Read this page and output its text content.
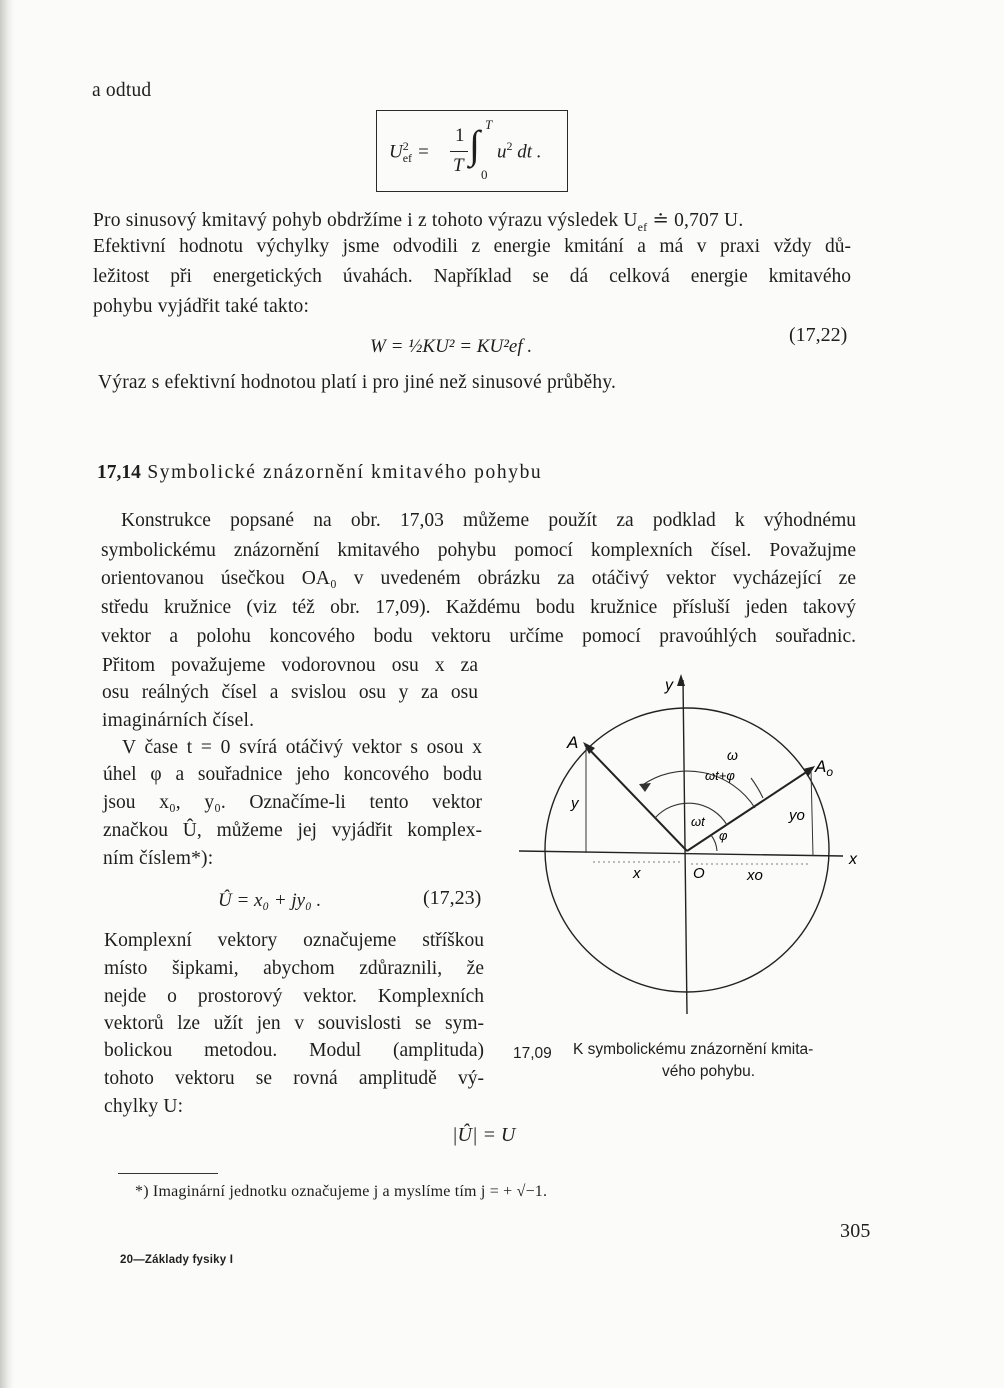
a odtud
$U^2_{ef}$ =
1
T ∫ T
0
$u^2$ dt .
Pro sinusový kmitavý pohyb obdržíme i z tohoto výrazu výsledek $U_{ef}$ ≐ 0,707 U.
Efektivní hodnotu výchylky jsme odvodili z energie kmitání a má v praxi vždy dů-
ležitost při energetických úvahách. Například se dá celková energie kmitavého
pohybu vyjádřit také takto:
W = ½KU² = KU²ef .
(17,22)
Výraz s efektivní hodnotou platí i pro jiné než sinusové průběhy.
17,14 Symbolické znázornění kmitavého pohybu
Konstrukce popsané na obr. 17,03 můžeme použít za podklad k výhodnému
symbolickému znázornění kmitavého pohybu pomocí komplexních čísel. Považujme
orientovanou úsečkou OA₀ v uvedeném obrázku za otáčivý vektor vycházející ze
středu kružnice (viz též obr. 17,09). Každému bodu kružnice přísluší jeden takový
vektor a polohu koncového bodu vektoru určíme pomocí pravoúhlých souřadnic.
Přitom považujeme vodorovnou osu x za
osu reálných čísel a svislou osu y za osu
imaginárních čísel.
V čase t = 0 svírá otáčivý vektor s osou x
úhel φ a souřadnice jeho koncového bodu
jsou x₀, y₀. Označíme-li tento vektor
značkou Û, můžeme jej vyjádřit komplex-
ním číslem*):
Û = x₀ + jy₀ .	(17,23)
Komplexní vektory označujeme stříškou
místo šipkami, abychom zdůraznili, že
nejde o prostorový vektor. Komplexních
vektorů lze užít jen v souvislosti se sym-
bolickou metodou. Modul (amplituda)
tohoto vektoru se rovná amplitudě vý-
chylky U:
|Û| = U
y
x
A
$A_o$
ω
ωt+φ
ωt
φ
y
yo
x	xo
O
17,09 K symbolickému znázornění kmita-
vého pohybu.
*) Imaginární jednotku označujeme j a myslíme tím j = + √−1.
20—Základy fysiky I
305
